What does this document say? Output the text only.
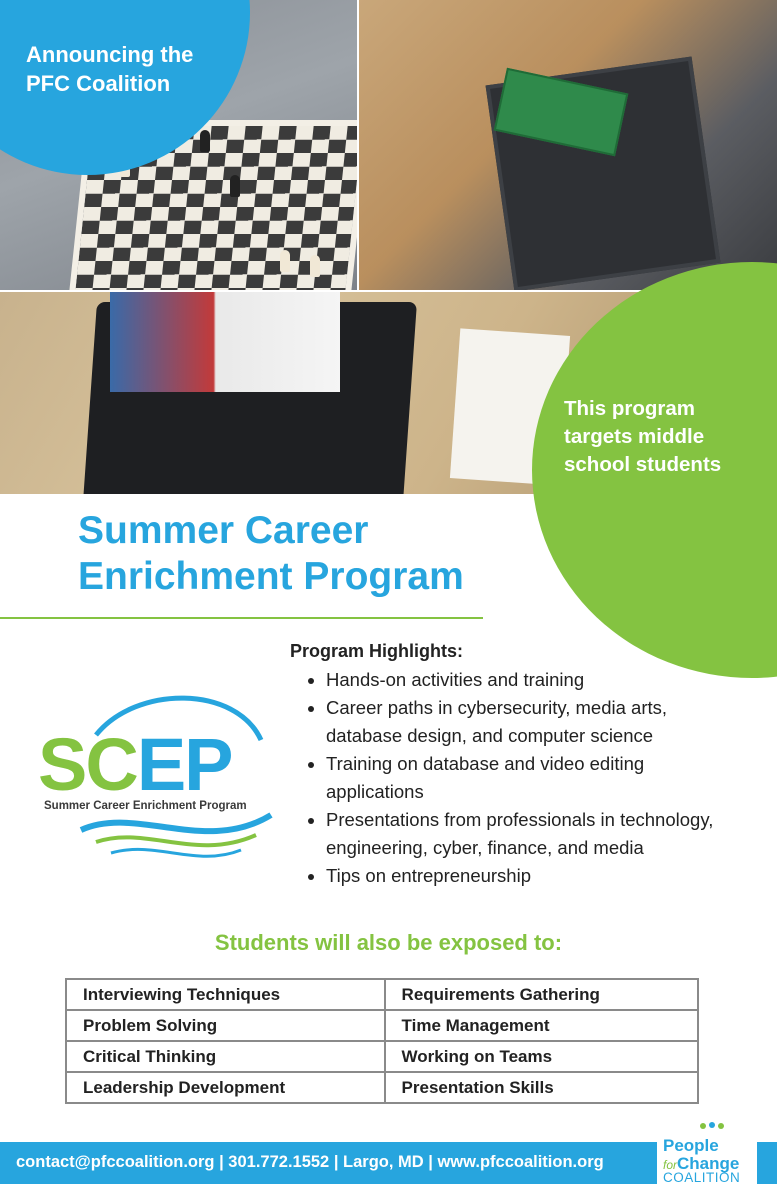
Announcing the PFC Coalition

This program targets middle school students

Summer Career
Enrichment Program
SCEP
Summer Career Enrichment Program

Program Highlights:

• Hands-on activities and training
• Career paths in cybersecurity, media arts, database design, and computer science
• Training on database and video editing applications
• Presentations from professionals in technology, engineering, cyber, finance, and media
• Tips on entrepreneurship

Students will also be exposed to:

Interviewing Techniques	Requirements Gathering
Problem Solving	Time Management
Critical Thinking	Working on Teams
Leadership Development	Presentation Skills
contact@pfccoalition.org | 301.772.1552 | Largo, MD | www.pfccoalition.org
People
forChange
COALITION
